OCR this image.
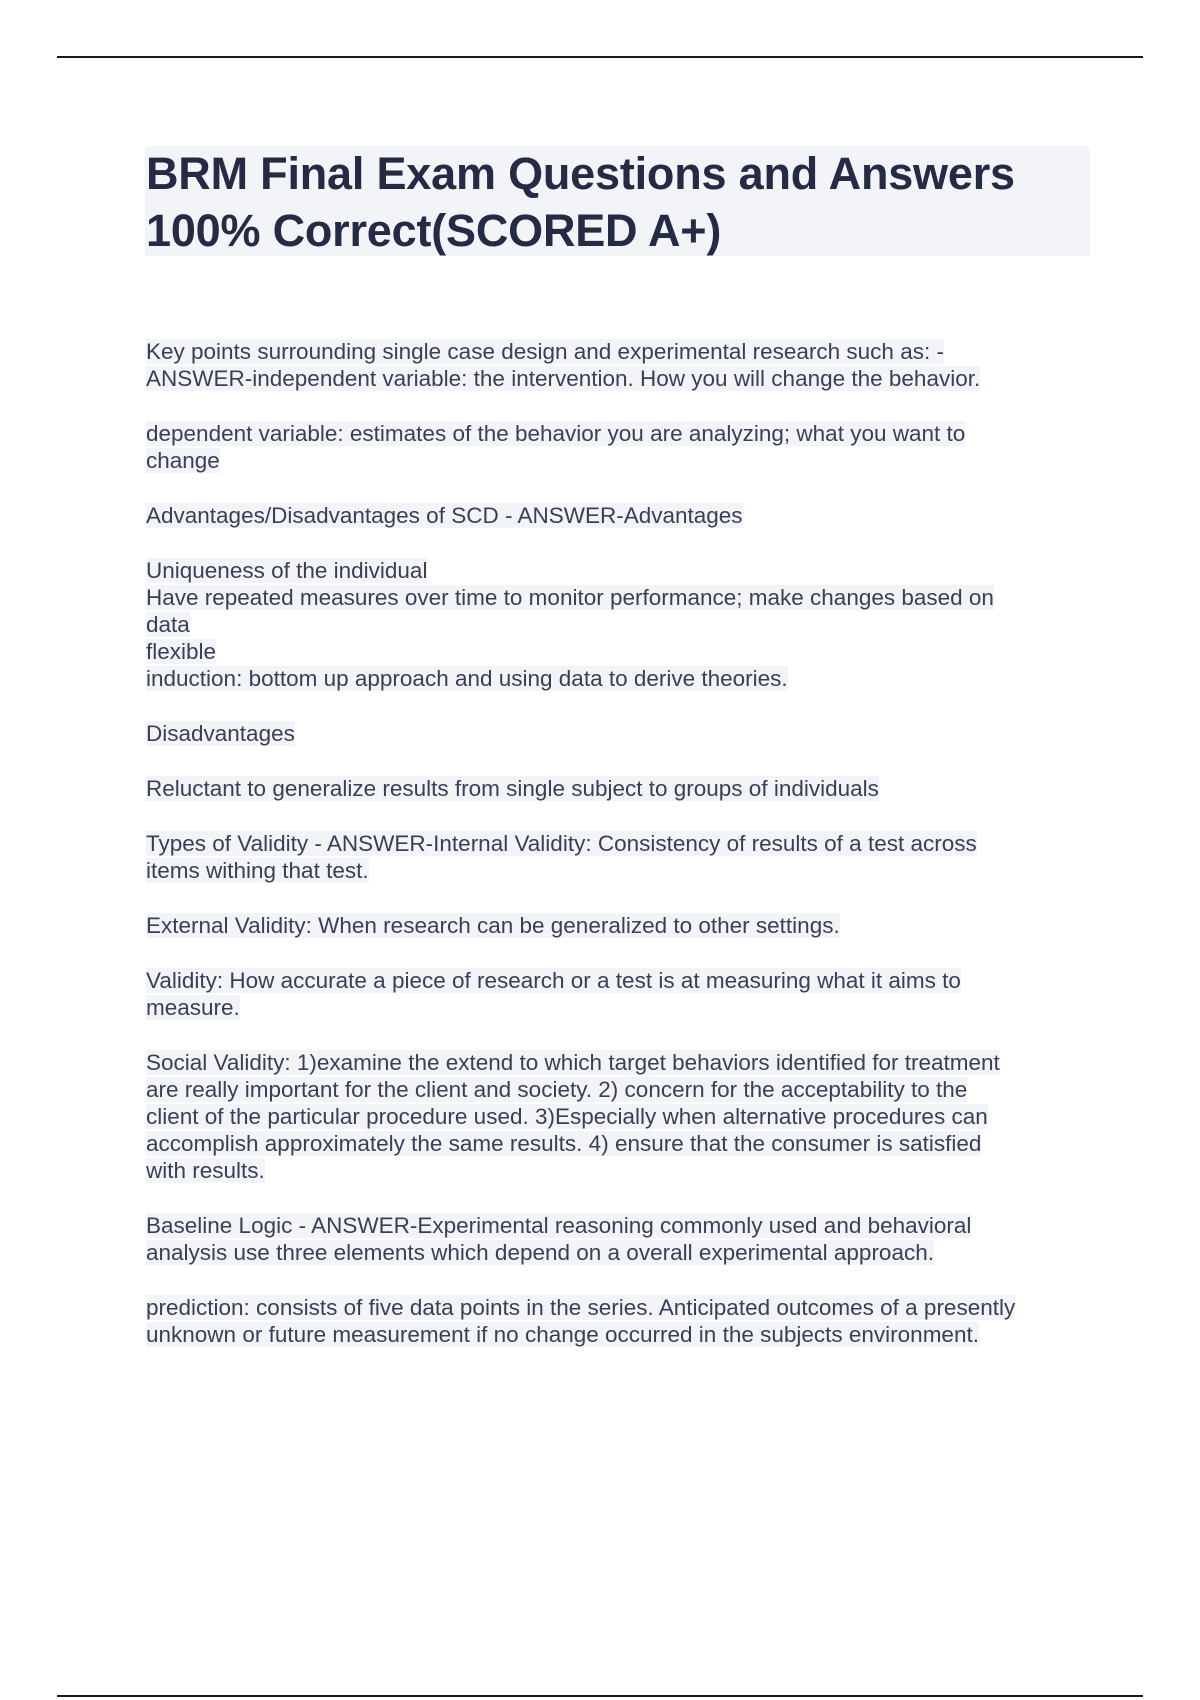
BRM Final Exam Questions and Answers
100% Correct(SCORED A+)
Key points surrounding single case design and experimental research such as: -
ANSWER-independent variable: the intervention. How you will change the behavior.
dependent variable: estimates of the behavior you are analyzing; what you want to
change
Advantages/Disadvantages of SCD - ANSWER-Advantages
Uniqueness of the individual
Have repeated measures over time to monitor performance; make changes based on
data
flexible
induction: bottom up approach and using data to derive theories.
Disadvantages
Reluctant to generalize results from single subject to groups of individuals
Types of Validity - ANSWER-Internal Validity: Consistency of results of a test across
items withing that test.
External Validity: When research can be generalized to other settings.
Validity: How accurate a piece of research or a test is at measuring what it aims to
measure.
Social Validity: 1)examine the extend to which target behaviors identified for treatment
are really important for the client and society. 2) concern for the acceptability to the
client of the particular procedure used. 3)Especially when alternative procedures can
accomplish approximately the same results. 4) ensure that the consumer is satisfied
with results.
Baseline Logic - ANSWER-Experimental reasoning commonly used and behavioral
analysis use three elements which depend on a overall experimental approach.
prediction: consists of five data points in the series. Anticipated outcomes of a presently
unknown or future measurement if no change occurred in the subjects environment.
